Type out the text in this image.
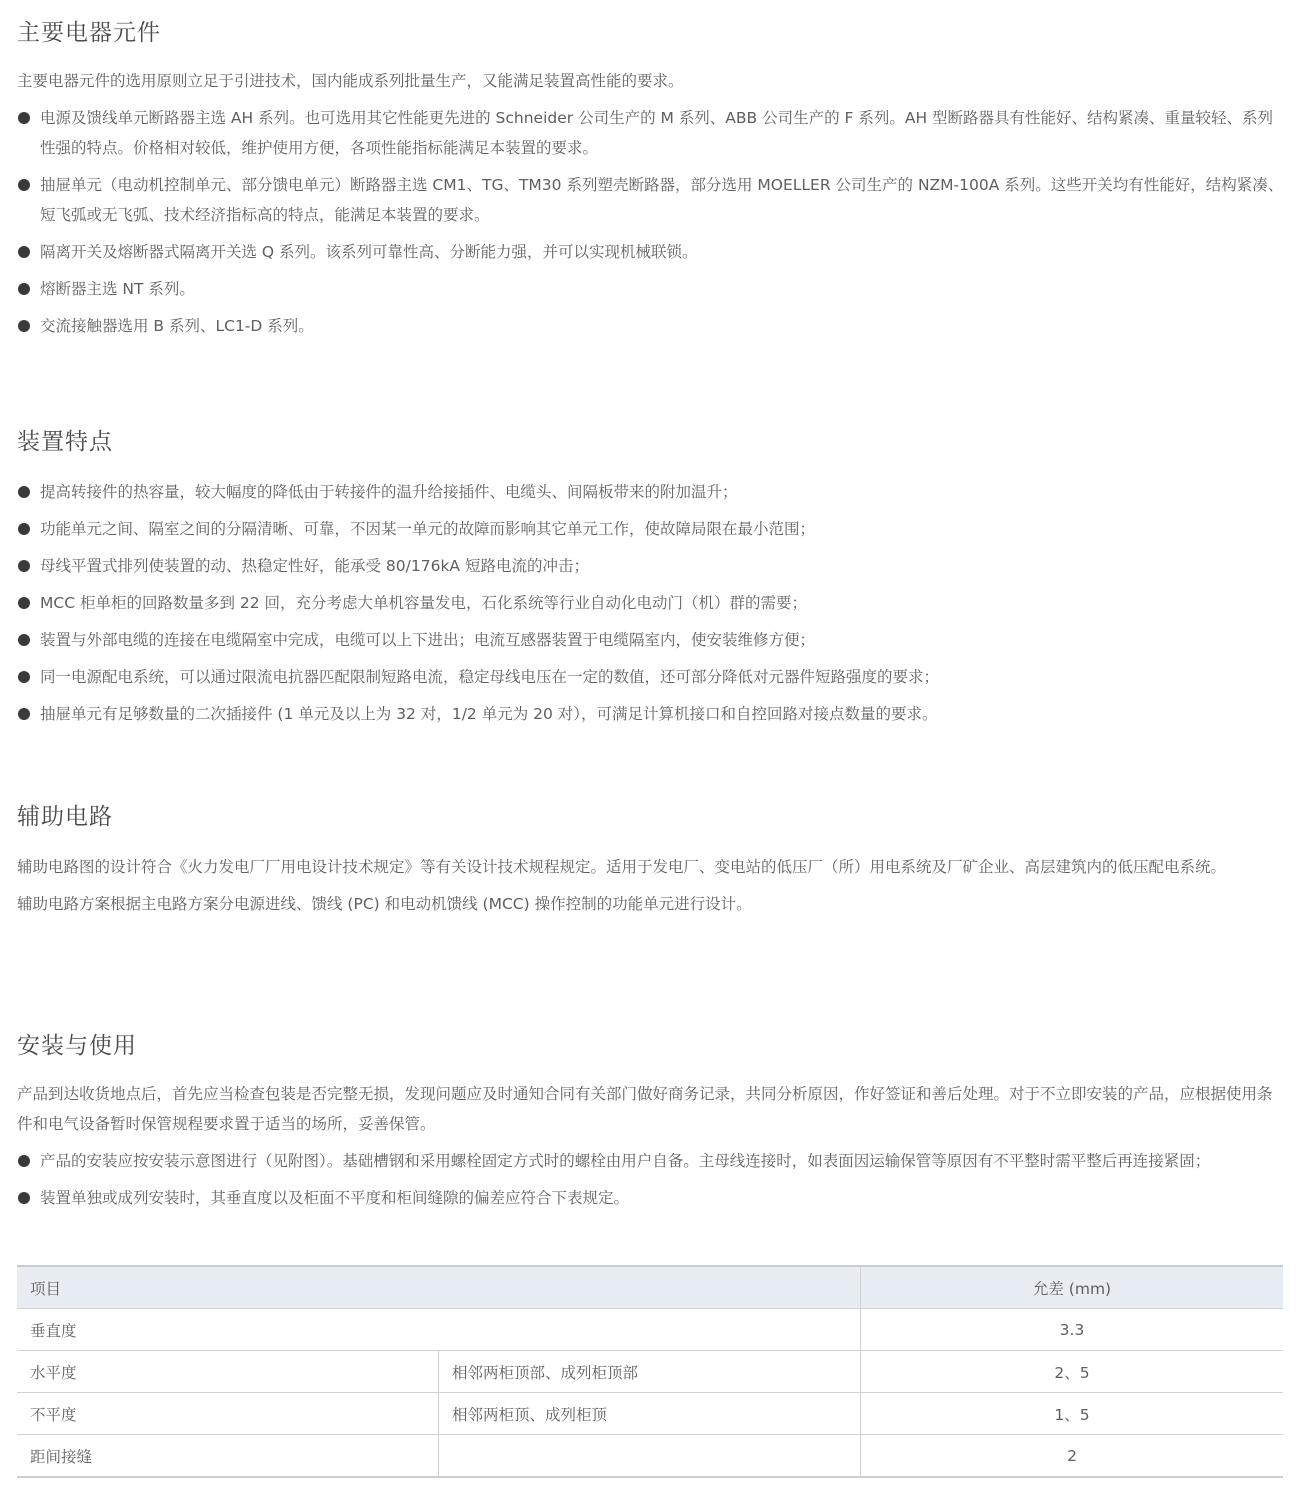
主要电器元件

主要电器元件的选用原则立足于引进技术，国内能成系列批量生产，又能满足装置高性能的要求。

电源及馈线单元断路器主选 AH 系列。也可选用其它性能更先进的 Schneider 公司生产的 M 系列、ABB 公司生产的 F 系列。AH 型断路器具有性能好、结构紧凑、重量较轻、系列性强的特点。价格相对较低，维护使用方便，各项性能指标能满足本装置的要求。
抽屉单元（电动机控制单元、部分馈电单元）断路器主选 CM1、TG、TM30 系列塑壳断路器，部分选用 MOELLER 公司生产的 NZM-100A 系列。这些开关均有性能好，结构紧凑、短飞弧或无飞弧、技术经济指标高的特点，能满足本装置的要求。
隔离开关及熔断器式隔离开关选 Q 系列。该系列可靠性高、分断能力强，并可以实现机械联锁。
熔断器主选 NT 系列。
交流接触器选用 B 系列、LC1-D 系列。
装置特点
提高转接件的热容量，较大幅度的降低由于转接件的温升给接插件、电缆头、间隔板带来的附加温升；
功能单元之间、隔室之间的分隔清晰、可靠，不因某一单元的故障而影响其它单元工作，使故障局限在最小范围；
母线平置式排列使装置的动、热稳定性好，能承受 80/176kA 短路电流的冲击；
MCC 柜单柜的回路数量多到 22 回，充分考虑大单机容量发电，石化系统等行业自动化电动门（机）群的需要；
装置与外部电缆的连接在电缆隔室中完成，电缆可以上下进出；电流互感器装置于电缆隔室内，使安装维修方便；
同一电源配电系统，可以通过限流电抗器匹配限制短路电流，稳定母线电压在一定的数值，还可部分降低对元器件短路强度的要求；
抽屉单元有足够数量的二次插接件 (1 单元及以上为 32 对，1/2 单元为 20 对），可满足计算机接口和自控回路对接点数量的要求。
辅助电路

辅助电路图的设计符合《火力发电厂厂用电设计技术规定》等有关设计技术规程规定。适用于发电厂、变电站的低压厂（所）用电系统及厂矿企业、高层建筑内的低压配电系统。

辅助电路方案根据主电路方案分电源进线、馈线 (PC) 和电动机馈线 (MCC) 操作控制的功能单元进行设计。

安装与使用

产品到达收货地点后，首先应当检查包装是否完整无损，发现问题应及时通知合同有关部门做好商务记录，共同分析原因，作好签证和善后处理。对于不立即安装的产品，应根据使用条件和电气设备暂时保管规程要求置于适当的场所，妥善保管。

产品的安装应按安装示意图进行（见附图）。基础槽钢和采用螺栓固定方式时的螺栓由用户自备。主母线连接时，如表面因运输保管等原因有不平整时需平整后再连接紧固；
装置单独或成列安装时，其垂直度以及柜面不平度和柜间缝隙的偏差应符合下表规定。
项目		允差 (mm)
垂直度		3.3
水平度	相邻两柜顶部、成列柜顶部	2、5
不平度	相邻两柜顶、成列柜顶	1、5
距间接缝		2
